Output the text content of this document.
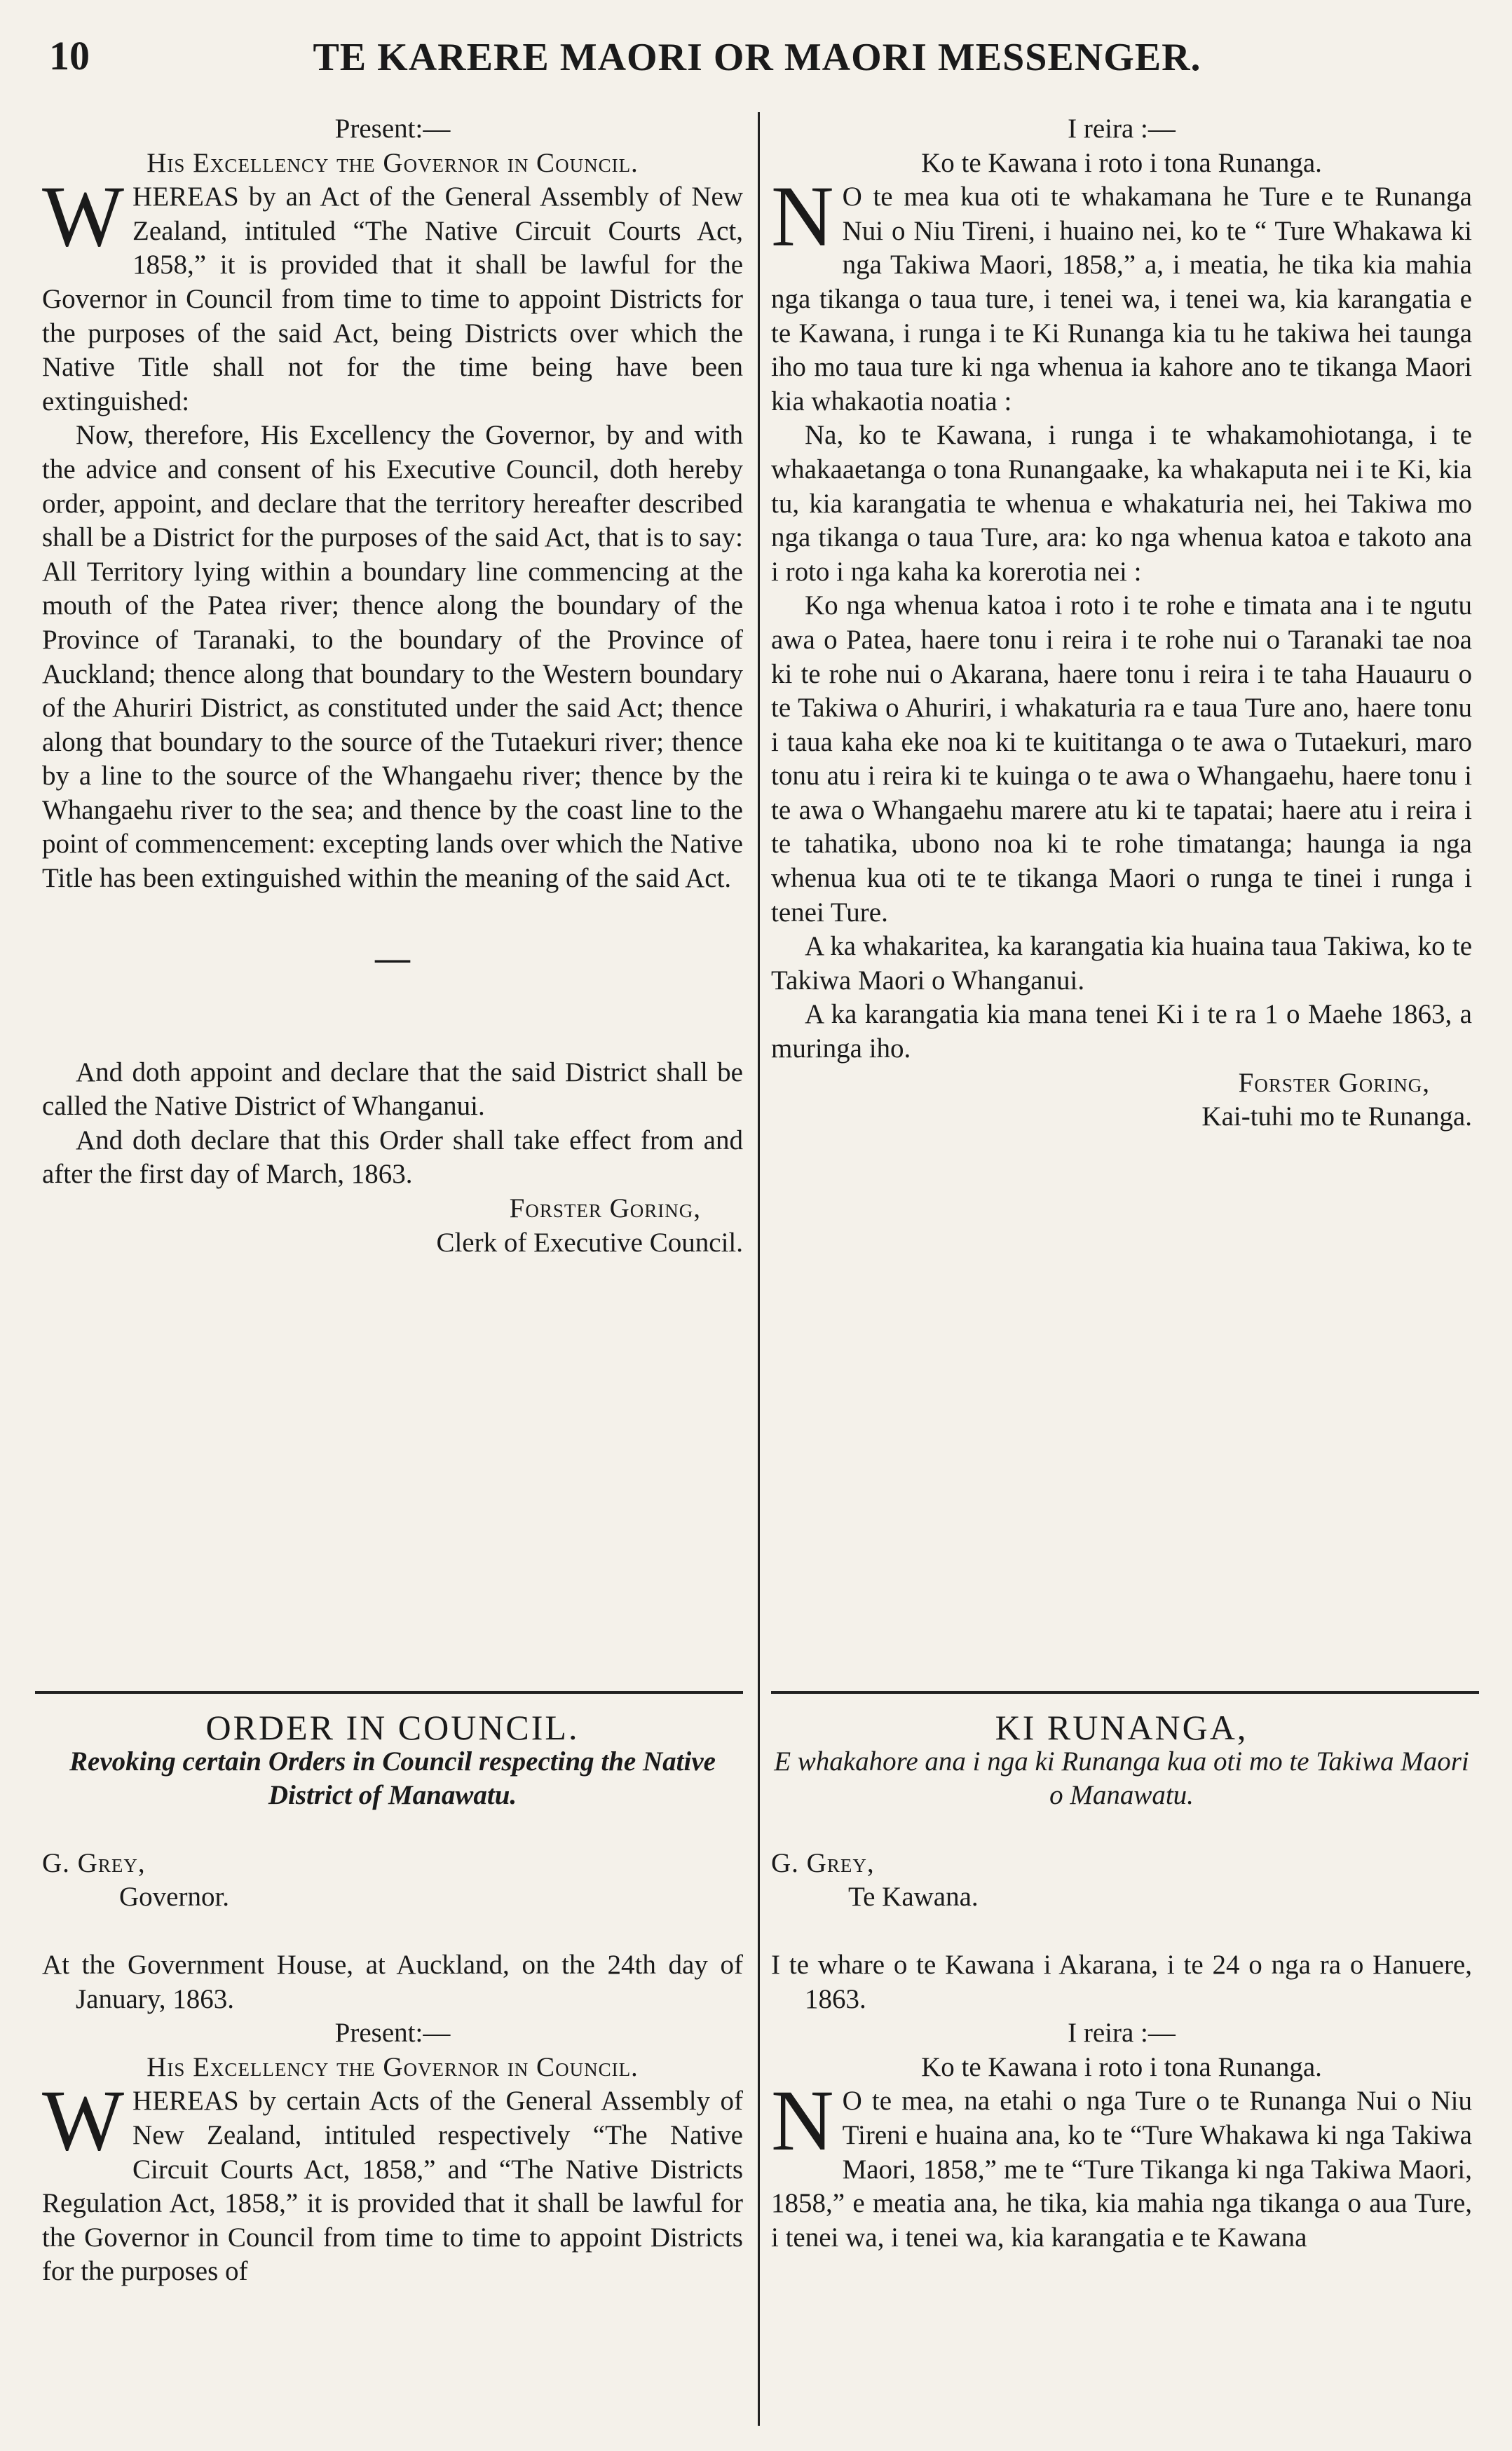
10	TE KARERE MAORI OR MAORI MESSENGER.

Present:—

His Excellency the Governor in Council.

WHEREAS by an Act of the General Assembly of New Zealand, intituled “The Native Circuit Courts Act, 1858,” it is provided that it shall be lawful for the Governor in Council from time to time to appoint Districts for the purposes of the said Act, being Districts over which the Native Title shall not for the time being have been extinguished:

Now, therefore, His Excellency the Governor, by and with the advice and consent of his Executive Council, doth hereby order, appoint, and declare that the territory hereafter described shall be a District for the purposes of the said Act, that is to say: All Territory lying within a boundary line commencing at the mouth of the Patea river; thence along the boundary of the Province of Taranaki, to the boundary of the Province of Auckland; thence along that boundary to the Western boundary of the Ahuriri District, as constituted under the said Act; thence along that boundary to the source of the Tutaekuri river; thence by a line to the source of the Whangaehu river; thence by the Whangaehu river to the sea; and thence by the coast line to the point of commencement: excepting lands over which the Native Title has been extinguished within the meaning of the said Act.

—

And doth appoint and declare that the said District shall be called the Native District of Whanganui.

And doth declare that this Order shall take effect from and after the first day of March, 1863.

Forster Goring,

Clerk of Executive Council.

I reira :—

Ko te Kawana i roto i tona Runanga.

N O te mea kua oti te whakamana he Ture e te Runanga Nui o Niu Tireni, i huaino nei, ko te “ Ture Whakawa ki nga Takiwa Maori, 1858,” a, i meatia, he tika kia mahia nga tikanga o taua ture, i tenei wa, i tenei wa, kia karangatia e te Kawana, i runga i te Ki Runanga kia tu he takiwa hei taunga iho mo taua ture ki nga whenua ia kahore ano te tikanga Maori kia whakaotia noatia :

Na, ko te Kawana, i runga i te whakamohiotanga, i te whakaaetanga o tona Runangaake, ka whakaputa nei i te Ki, kia tu, kia karangatia te whenua e whakaturia nei, hei Takiwa mo nga tikanga o taua Ture, ara: ko nga whenua katoa e takoto ana i roto i nga kaha ka korerotia nei :

Ko nga whenua katoa i roto i te rohe e timata ana i te ngutu awa o Patea, haere tonu i reira i te rohe nui o Taranaki tae noa ki te rohe nui o Akarana, haere tonu i reira i te taha Hauauru o te Takiwa o Ahuriri, i whakaturia ra e taua Ture ano, haere tonu i taua kaha eke noa ki te kuititanga o te awa o Tutaekuri, maro tonu atu i reira ki te kuinga o te awa o Whangaehu, haere tonu i te awa o Whangaehu marere atu ki te tapatai; haere atu i reira i te tahatika, ubono noa ki te rohe timatanga; haunga ia nga whenua kua oti te te tikanga Maori o runga te tinei i runga i tenei Ture.

A ka whakaritea, ka karangatia kia huaina taua Takiwa, ko te Takiwa Maori o Whanganui.

A ka karangatia kia mana tenei Ki i te ra 1 o Maehe 1863, a muringa iho.

Forster Goring,

Kai-tuhi mo te Runanga.

ORDER IN COUNCIL.

Revoking certain Orders in Council respecting the Native District of Manawatu.

G. Grey,

Governor.

At the Government House, at Auckland, on the 24th day of January, 1863.

Present:—

His Excellency the Governor in Council.

WHEREAS by certain Acts of the General Assembly of New Zealand, intituled respectively “The Native Circuit Courts Act, 1858,” and “The Native Districts Regulation Act, 1858,” it is provided that it shall be lawful for the Governor in Council from time to time to appoint Districts for the purposes of

KI RUNANGA,

E whakahore ana i nga ki Runanga kua oti mo te Takiwa Maori o Manawatu.

G. Grey,

Te Kawana.

I te whare o te Kawana i Akarana, i te 24 o nga ra o Hanuere, 1863.

I reira :—

Ko te Kawana i roto i tona Runanga.

N O te mea, na etahi o nga Ture o te Runanga Nui o Niu Tireni e huaina ana, ko te “Ture Whakawa ki nga Takiwa Maori, 1858,” me te “Ture Tikanga ki nga Takiwa Maori, 1858,” e meatia ana, he tika, kia mahia nga tikanga o aua Ture, i tenei wa, i tenei wa, kia karangatia e te Kawana
